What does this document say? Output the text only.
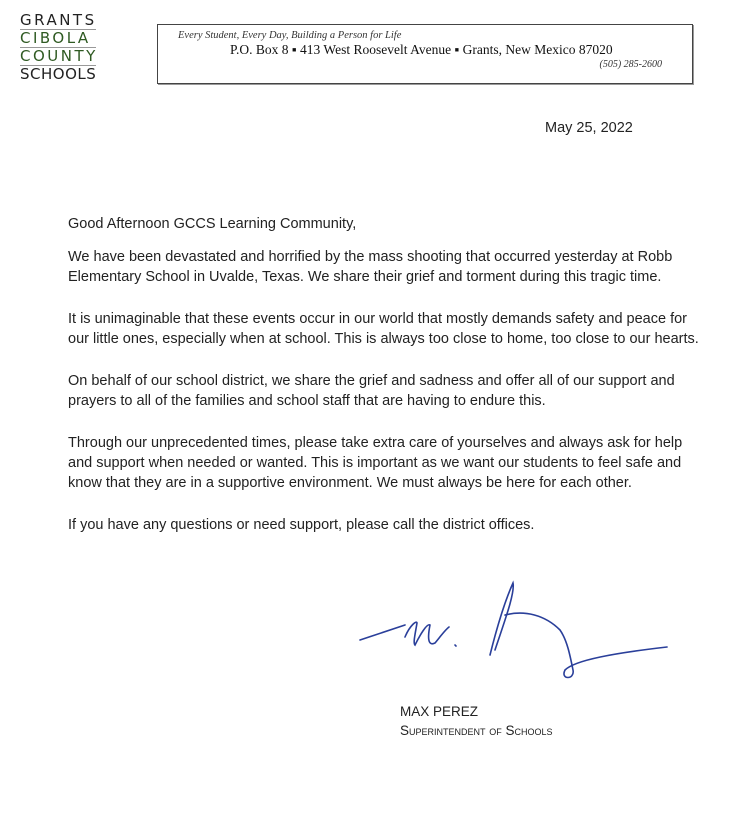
GRANTS
CIBOLA
COUNTY
SCHOOLS
Every Student, Every Day, Building a Person for Life
P.O. Box 8 ▪ 413 West Roosevelt Avenue ▪ Grants, New Mexico 87020
(505) 285-2600
May 25, 2022

Good Afternoon GCCS Learning Community,

We have been devastated and horrified by the mass shooting that occurred yesterday at Robb Elementary School in Uvalde, Texas. We share their grief and torment during this tragic time.

It is unimaginable that these events occur in our world that mostly demands safety and peace for our little ones, especially when at school. This is always too close to home, too close to our hearts.

On behalf of our school district, we share the grief and sadness and offer all of our support and prayers to all of the families and school staff that are having to endure this.

Through our unprecedented times, please take extra care of yourselves and always ask for help and support when needed or wanted. This is important as we want our students to feel safe and know that they are in a supportive environment. We must always be here for each other.

If you have any questions or need support, please call the district offices.

MAX PEREZ
Superintendent of Schools
